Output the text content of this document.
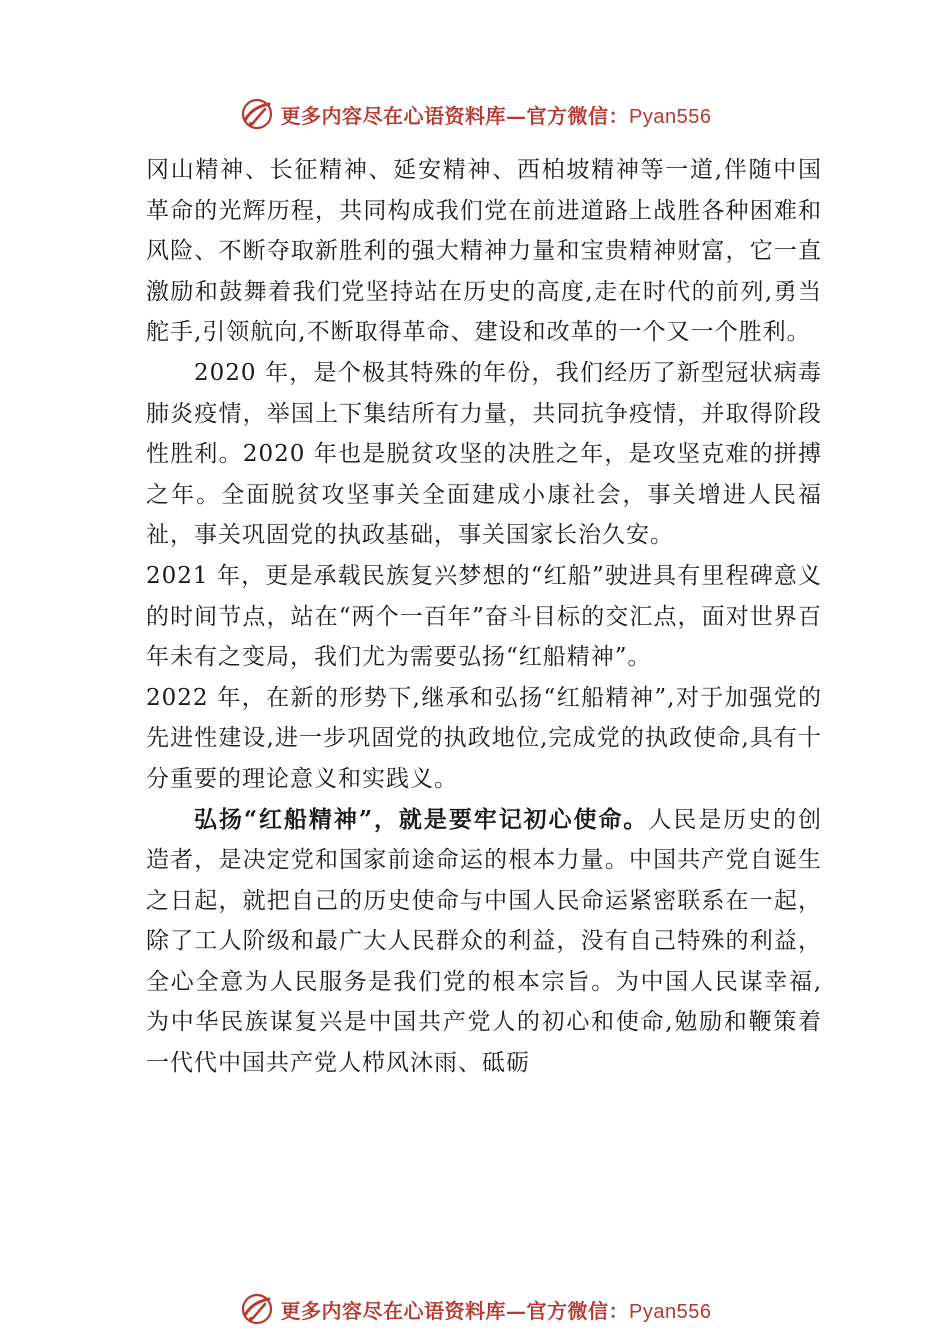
更多内容尽在心语资料库—官方微信：Pyan556

冈山精神、长征精神、延安精神、西柏坡精神等一道,伴随中国革命的光辉历程，共同构成我们党在前进道路上战胜各种困难和风险、不断夺取新胜利的强大精神力量和宝贵精神财富，它一直激励和鼓舞着我们党坚持站在历史的高度,走在时代的前列,勇当舵手,引领航向,不断取得革命、建设和改革的一个又一个胜利。

2020 年，是个极其特殊的年份，我们经历了新型冠状病毒肺炎疫情，举国上下集结所有力量，共同抗争疫情，并取得阶段性胜利。2020 年也是脱贫攻坚的决胜之年，是攻坚克难的拼搏之年。全面脱贫攻坚事关全面建成小康社会，事关增进人民福祉，事关巩固党的执政基础，事关国家长治久安。

2021 年，更是承载民族复兴梦想的“红船”驶进具有里程碑意义的时间节点，站在“两个一百年”奋斗目标的交汇点，面对世界百年未有之变局，我们尤为需要弘扬“红船精神”。

2022 年，在新的形势下,继承和弘扬“红船精神”,对于加强党的先进性建设,进一步巩固党的执政地位,完成党的执政使命,具有十分重要的理论意义和实践义。

弘扬“红船精神”，就是要牢记初心使命。人民是历史的创造者，是决定党和国家前途命运的根本力量。中国共产党自诞生之日起，就把自己的历史使命与中国人民命运紧密联系在一起，除了工人阶级和最广大人民群众的利益，没有自己特殊的利益，全心全意为人民服务是我们党的根本宗旨。为中国人民谋幸福,为中华民族谋复兴是中国共产党人的初心和使命,勉励和鞭策着一代代中国共产党人栉风沐雨、砥砺

更多内容尽在心语资料库—官方微信：Pyan556
